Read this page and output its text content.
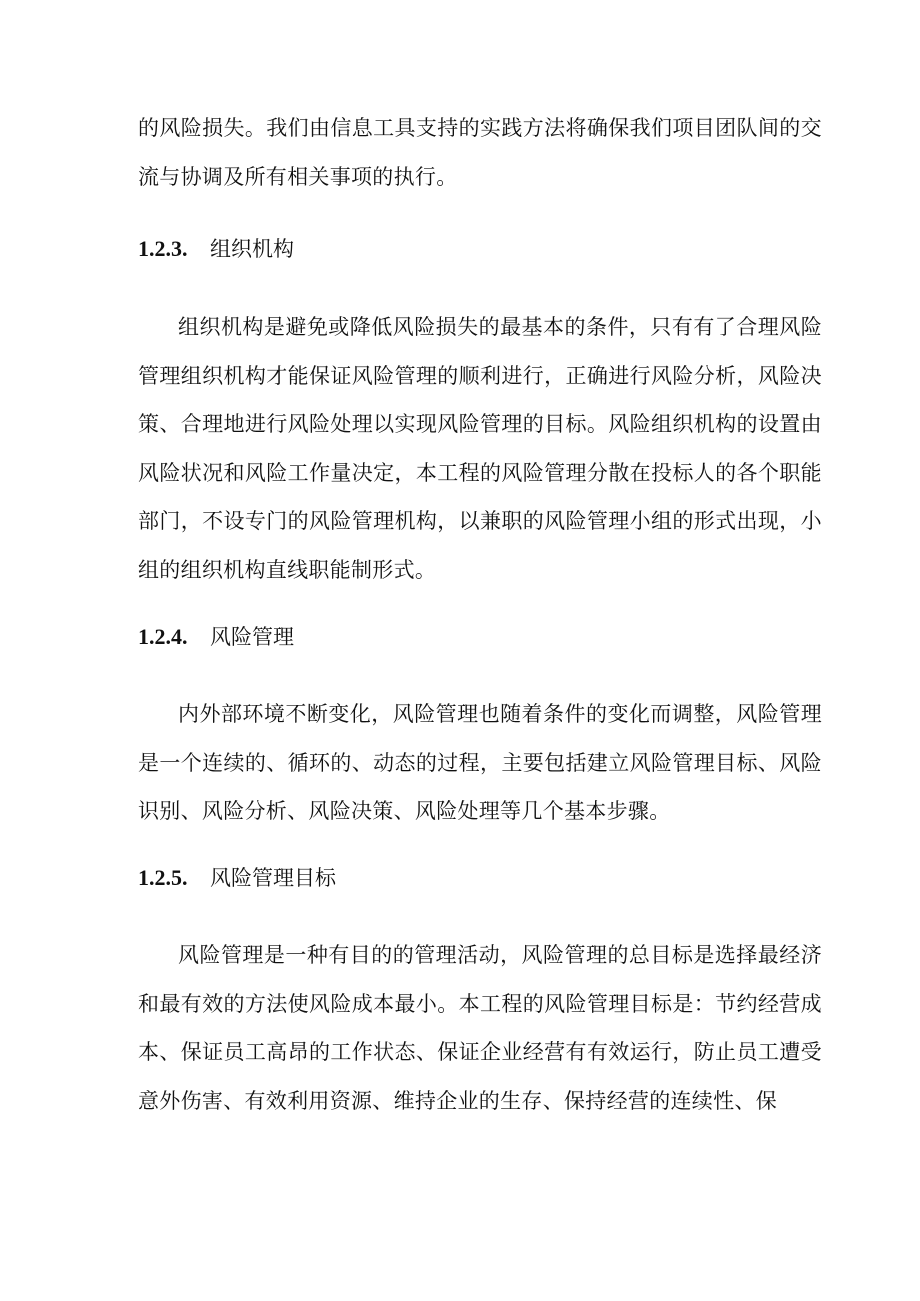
的风险损失。我们由信息工具支持的实践方法将确保我们项目团队间的交流与协调及所有相关事项的执行。

1.2.3.	组织机构

组织机构是避免或降低风险损失的最基本的条件，只有有了合理风险管理组织机构才能保证风险管理的顺利进行，正确进行风险分析，风险决策、合理地进行风险处理以实现风险管理的目标。风险组织机构的设置由风险状况和风险工作量决定，本工程的风险管理分散在投标人的各个职能部门，不设专门的风险管理机构，以兼职的风险管理小组的形式出现，小组的组织机构直线职能制形式。

1.2.4.	风险管理

内外部环境不断变化，风险管理也随着条件的变化而调整，风险管理是一个连续的、循环的、动态的过程，主要包括建立风险管理目标、风险识别、风险分析、风险决策、风险处理等几个基本步骤。

1.2.5.	风险管理目标

风险管理是一种有目的的管理活动，风险管理的总目标是选择最经济和最有效的方法使风险成本最小。本工程的风险管理目标是：节约经营成本、保证员工高昂的工作状态、保证企业经营有有效运行，防止员工遭受意外伤害、有效利用资源、维持企业的生存、保持经营的连续性、保
